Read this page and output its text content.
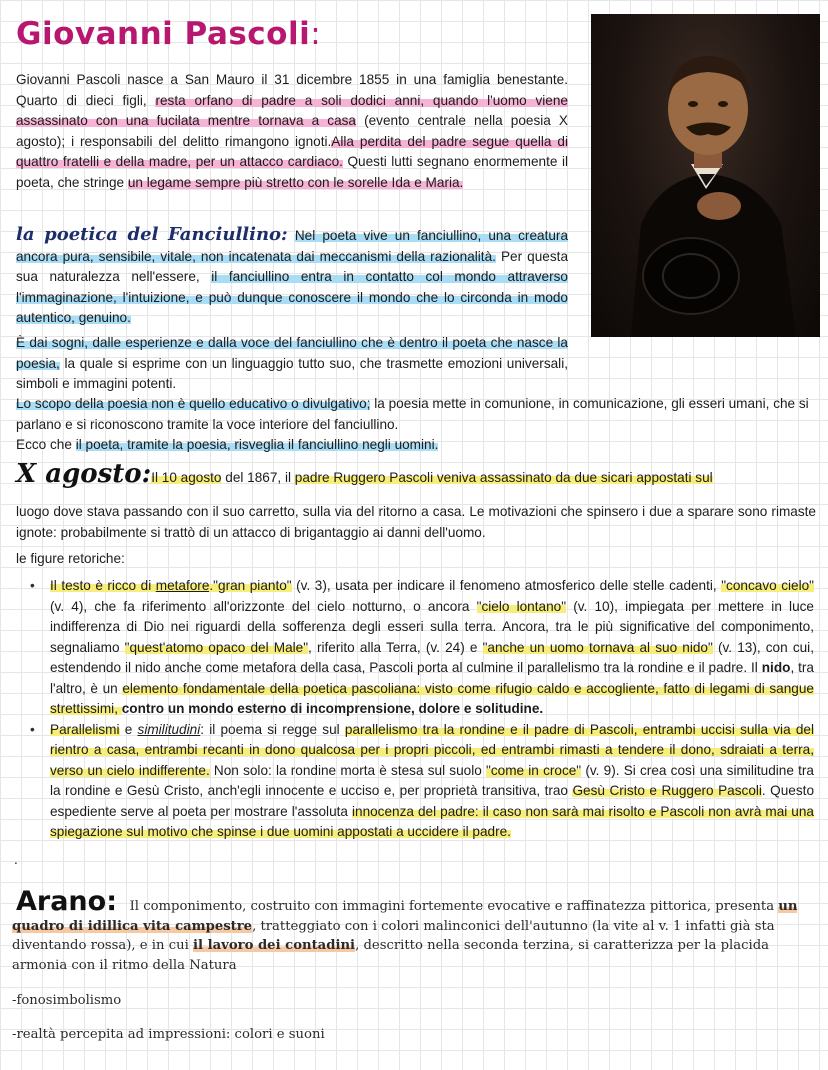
Giovanni Pascoli:
Giovanni Pascoli nasce a San Mauro il 31 dicembre 1855 in una famiglia benestante. Quarto di dieci figli, resta orfano di padre a soli dodici anni, quando l'uomo viene assassinato con una fucilata mentre tornava a casa (evento centrale nella poesia X agosto); i responsabili del delitto rimangono ignoti.Alla perdita del padre segue quella di quattro fratelli e della madre, per un attacco cardiaco. Questi lutti segnano enormemente il poeta, che stringe un legame sempre più stretto con le sorelle Ida e Maria.
la poetica del Fanciullino: Nel poeta vive un fanciullino, una creatura ancora pura, sensibile, vitale, non incatenata dai meccanismi della razionalità. Per questa sua naturalezza nell'essere, il fanciullino entra in contatto col mondo attraverso l'immaginazione, l'intuizione, e può dunque conoscere il mondo che lo circonda in modo autentico, genuino.
È dai sogni, dalle esperienze e dalla voce del fanciullino che è dentro il poeta che nasce la poesia, la quale si esprime con un linguaggio tutto suo, che trasmette emozioni universali, simboli e immagini potenti.
Lo scopo della poesia non è quello educativo o divulgativo; la poesia mette in comunione, in comunicazione, gli esseri umani, che si parlano e si riconoscono tramite la voce interiore del fanciullino.
Ecco che il poeta, tramite la poesia, risveglia il fanciullino negli uomini.
X agosto:Il 10 agosto del 1867, il padre Ruggero Pascoli veniva assassinato da due sicari appostati sul
luogo dove stava passando con il suo carretto, sulla via del ritorno a casa. Le motivazioni che spinsero i due a sparare sono rimaste ignote: probabilmente si trattò di un attacco di brigantaggio ai danni dell'uomo.
le figure retoriche:
• Il testo è ricco di metafore."gran pianto" (v. 3), usata per indicare il fenomeno atmosferico delle stelle cadenti, "concavo cielo" (v. 4), che fa riferimento all'orizzonte del cielo notturno, o ancora "cielo lontano" (v. 10), impiegata per mettere in luce indifferenza di Dio nei riguardi della sofferenza degli esseri sulla terra. Ancora, tra le più significative del componimento, segnaliamo "quest'atomo opaco del Male", riferito alla Terra, (v. 24) e "anche un uomo tornava al suo nido" (v. 13), con cui, estendendo il nido anche come metafora della casa, Pascoli porta al culmine il parallelismo tra la rondine e il padre. Il nido, tra l'altro, è un elemento fondamentale della poetica pascoliana: visto come rifugio caldo e accogliente, fatto di legami di sangue strettissimi, contro un mondo esterno di incomprensione, dolore e solitudine.
• Parallelismi e similitudini: il poema si regge sul parallelismo tra la rondine e il padre di Pascoli, entrambi uccisi sulla via del rientro a casa, entrambi recanti in dono qualcosa per i propri piccoli, ed entrambi rimasti a tendere il dono, sdraiati a terra, verso un cielo indifferente. Non solo: la rondine morta è stesa sul suolo "come in croce" (v. 9). Si crea così una similitudine tra la rondine e Gesù Cristo, anch'egli innocente e ucciso e, per proprietà transitiva, trao Gesù Cristo e Ruggero Pascoli. Questo espediente serve al poeta per mostrare l'assoluta innocenza del padre: il caso non sarà mai risolto e Pascoli non avrà mai una spiegazione sul motivo che spinse i due uomini appostati a uccidere il padre.
.
Arano: Il componimento, costruito con immagini fortemente evocative e raffinatezza pittorica, presenta un quadro di idillica vita campestre, tratteggiato con i colori malinconici dell'autunno (la vite al v. 1 infatti già sta diventando rossa), e in cui il lavoro dei contadini, descritto nella seconda terzina, si caratterizza per la placida armonia con il ritmo della Natura
-fonosimbolismo
-realtà percepita ad impressioni: colori e suoni
